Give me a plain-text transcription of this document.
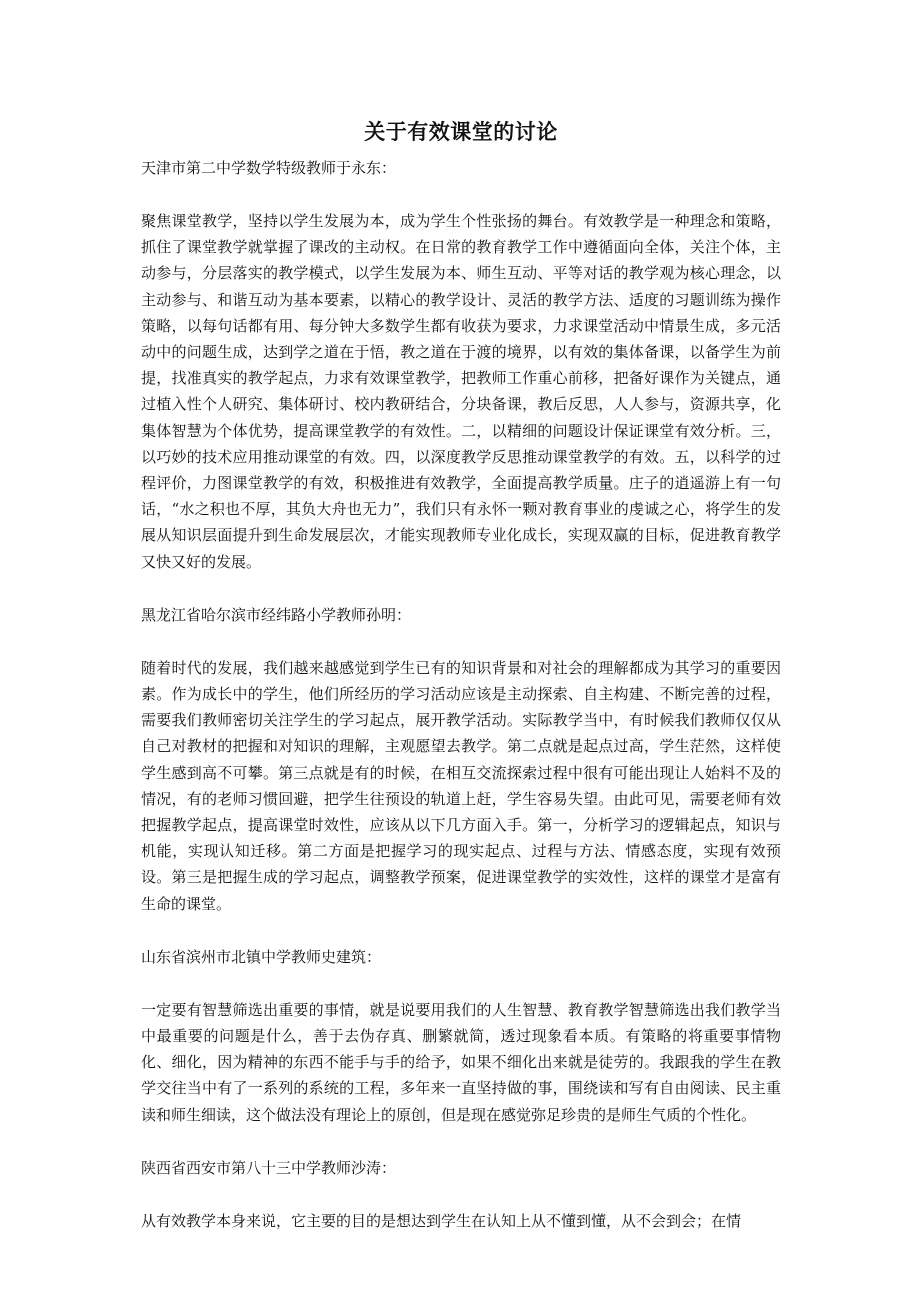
关于有效课堂的讨论

天津市第二中学数学特级教师于永东：

聚焦课堂教学，坚持以学生发展为本，成为学生个性张扬的舞台。有效教学是一种理念和策略，抓住了课堂教学就掌握了课改的主动权。在日常的教育教学工作中遵循面向全体，关注个体，主动参与，分层落实的教学模式，以学生发展为本、师生互动、平等对话的教学观为核心理念，以主动参与、和谐互动为基本要素，以精心的教学设计、灵活的教学方法、适度的习题训练为操作策略，以每句话都有用、每分钟大多数学生都有收获为要求，力求课堂活动中情景生成，多元活动中的问题生成，达到学之道在于悟，教之道在于渡的境界，以有效的集体备课，以备学生为前提，找准真实的教学起点，力求有效课堂教学，把教师工作重心前移，把备好课作为关键点，通过植入性个人研究、集体研讨、校内教研结合，分块备课，教后反思，人人参与，资源共享，化集体智慧为个体优势，提高课堂教学的有效性。二，以精细的问题设计保证课堂有效分析。三，以巧妙的技术应用推动课堂的有效。四，以深度教学反思推动课堂教学的有效。五，以科学的过程评价，力图课堂教学的有效，积极推进有效教学，全面提高教学质量。庄子的逍遥游上有一句话，“水之积也不厚，其负大舟也无力”，我们只有永怀一颗对教育事业的虔诚之心，将学生的发展从知识层面提升到生命发展层次，才能实现教师专业化成长，实现双赢的目标，促进教育教学又快又好的发展。

黑龙江省哈尔滨市经纬路小学教师孙明：

随着时代的发展，我们越来越感觉到学生已有的知识背景和对社会的理解都成为其学习的重要因素。作为成长中的学生，他们所经历的学习活动应该是主动探索、自主构建、不断完善的过程，需要我们教师密切关注学生的学习起点，展开教学活动。实际教学当中，有时候我们教师仅仅从自己对教材的把握和对知识的理解，主观愿望去教学。第二点就是起点过高，学生茫然，这样使学生感到高不可攀。第三点就是有的时候，在相互交流探索过程中很有可能出现让人始料不及的情况，有的老师习惯回避，把学生往预设的轨道上赶，学生容易失望。由此可见，需要老师有效把握教学起点，提高课堂时效性，应该从以下几方面入手。第一，分析学习的逻辑起点，知识与机能，实现认知迁移。第二方面是把握学习的现实起点、过程与方法、情感态度，实现有效预设。第三是把握生成的学习起点，调整教学预案，促进课堂教学的实效性，这样的课堂才是富有生命的课堂。

山东省滨州市北镇中学教师史建筑：

一定要有智慧筛选出重要的事情，就是说要用我们的人生智慧、教育教学智慧筛选出我们教学当中最重要的问题是什么，善于去伪存真、删繁就简，透过现象看本质。有策略的将重要事情物化、细化，因为精神的东西不能手与手的给予，如果不细化出来就是徒劳的。我跟我的学生在教学交往当中有了一系列的系统的工程，多年来一直坚持做的事，围绕读和写有自由阅读、民主重读和师生细读，这个做法没有理论上的原创，但是现在感觉弥足珍贵的是师生气质的个性化。

陕西省西安市第八十三中学教师沙涛：

从有效教学本身来说，它主要的目的是想达到学生在认知上从不懂到懂，从不会到会；在情
